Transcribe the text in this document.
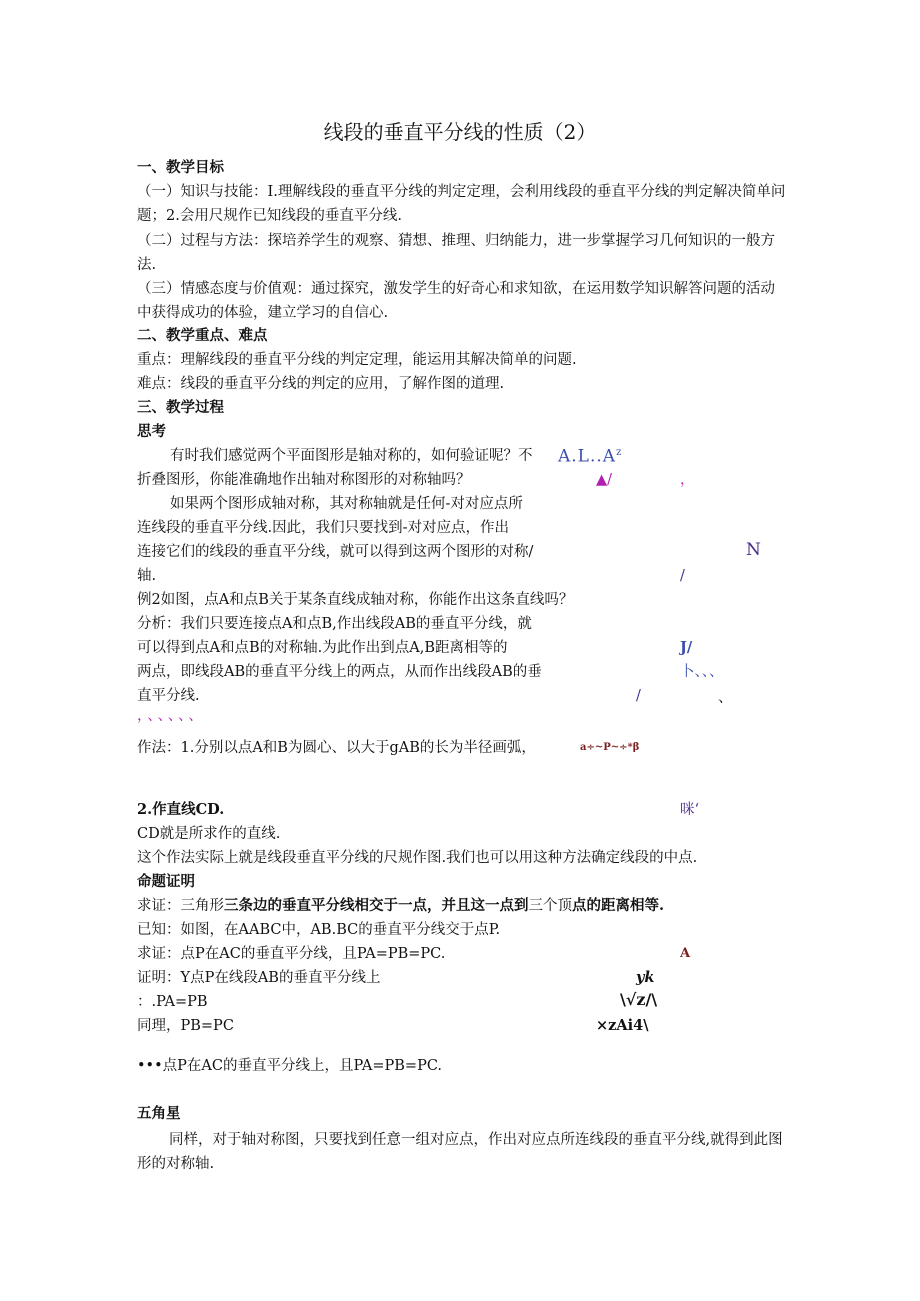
线段的垂直平分线的性质（2）
一、教学目标
（一）知识与技能：I.理解线段的垂直平分线的判定定理，会利用线段的垂直平分线的判定解决简单问题；2.会用尺规作已知线段的垂直平分线.
（二）过程与方法：探培养学生的观察、猜想、推理、归纳能力，进一步掌握学习几何知识的一般方法.
（三）情感态度与价值观：通过探究，激发学生的好奇心和求知欲，在运用数学知识解答问题的活动中获得成功的体验，建立学习的自信心.
二、教学重点、难点
重点：理解线段的垂直平分线的判定定理，能运用其解决简单的问题.
难点：线段的垂直平分线的判定的应用，了解作图的道理.
三、教学过程
思考
有时我们感觉两个平面图形是轴对称的，如何验证呢？不 $A.L..A^z$
折叠图形，你能准确地作出轴对称图形的对称轴吗？	▲/	，
如果两个图形成轴对称，其对称轴就是任何-对对应点所
连线段的垂直平分线.因此，我们只要找到-对对应点，作出
连接它们的线段的垂直平分线，就可以得到这两个图形的对称/	N
轴.	/
例2如图，点A和点B关于某条直线成轴对称，你能作出这条直线吗？
分析：我们只要连接点A和点B,作出线段AB的垂直平分线，就
可以得到点A和点B的对称轴.为此作出到点A,B距离相等的	J/
两点，即线段AB的垂直平分线上的两点，从而作出线段AB的垂	卜、、、
直平分线.	/	、
，、、、、、
作法：1.分别以点A和B为圆心、以大于gAB的长为半径画弧，	a÷~P~÷*β
2.作直线CD.	咪‘
CD就是所求作的直线.
这个作法实际上就是线段垂直平分线的尺规作图.我们也可以用这种方法确定线段的中点.
命题证明
求证：三角形三条边的垂直平分线相交于一点，并且这一点到三个顶点的距离相等.
已知：如图，在AABC中，AB.BC的垂直平分线交于点P.
求证：点P在AC的垂直平分线，且PA=PB=PC.	A
证明：Y点P在线段AB的垂直平分线上	yk
：.PA=PB	\√z/\
同理，PB=PC	×zAi4\
•••点P在AC的垂直平分线上，且PA=PB=PC.
五角星
同样，对于轴对称图，只要找到任意一组对应点，作出对应点所连线段的垂直平分线,就得到此图形的对称轴.
